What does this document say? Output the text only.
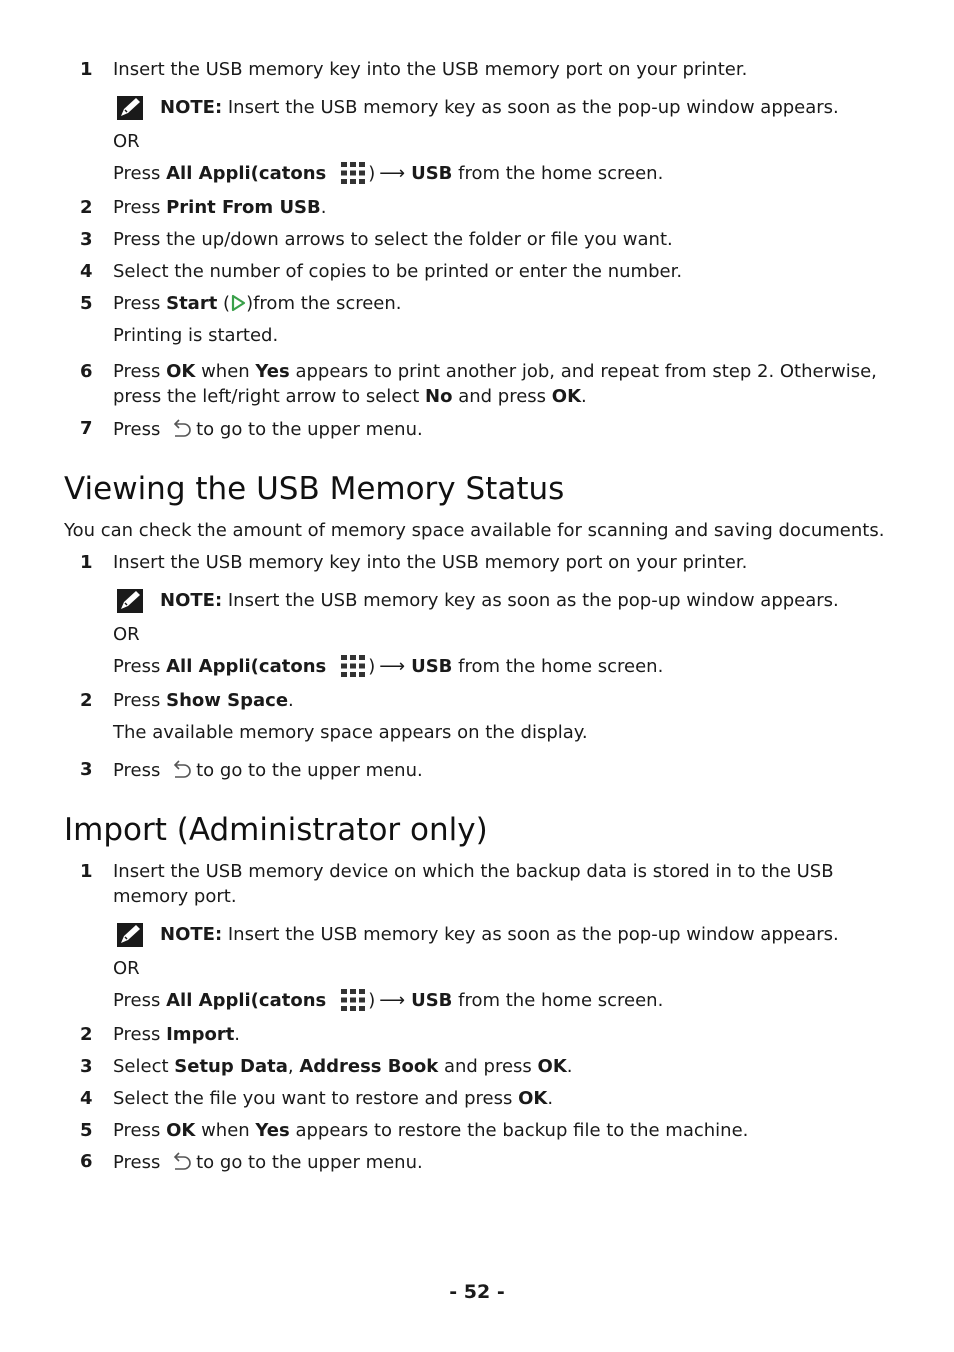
1 Insert the USB memory key into the USB memory port on your printer.
NOTE: Insert the USB memory key as soon as the pop-up window appears.
OR
Press All Appli(catons ) ⟶ USB from the home screen.
2 Press Print From USB.
3 Press the up/down arrows to select the folder or file you want.
4 Select the number of copies to be printed or enter the number.
5 Press Start ( )from the screen.
Printing is started.
6 Press OK when Yes appears to print another job, and repeat from step 2. Otherwise,
press the left/right arrow to select No and press OK.
7 Press to go to the upper menu.
Viewing the USB Memory Status
You can check the amount of memory space available for scanning and saving documents.
1 Insert the USB memory key into the USB memory port on your printer.
NOTE: Insert the USB memory key as soon as the pop-up window appears.
OR
Press All Appli(catons ) ⟶ USB from the home screen.
2 Press Show Space.
The available memory space appears on the display.
3 Press to go to the upper menu.
Import (Administrator only)
1 Insert the USB memory device on which the backup data is stored in to the USB
memory port.
NOTE: Insert the USB memory key as soon as the pop-up window appears.
OR
Press All Appli(catons ) ⟶ USB from the home screen.
2 Press Import.
3 Select Setup Data, Address Book and press OK.
4 Select the file you want to restore and press OK.
5 Press OK when Yes appears to restore the backup file to the machine.
6 Press to go to the upper menu.
- 52 -
